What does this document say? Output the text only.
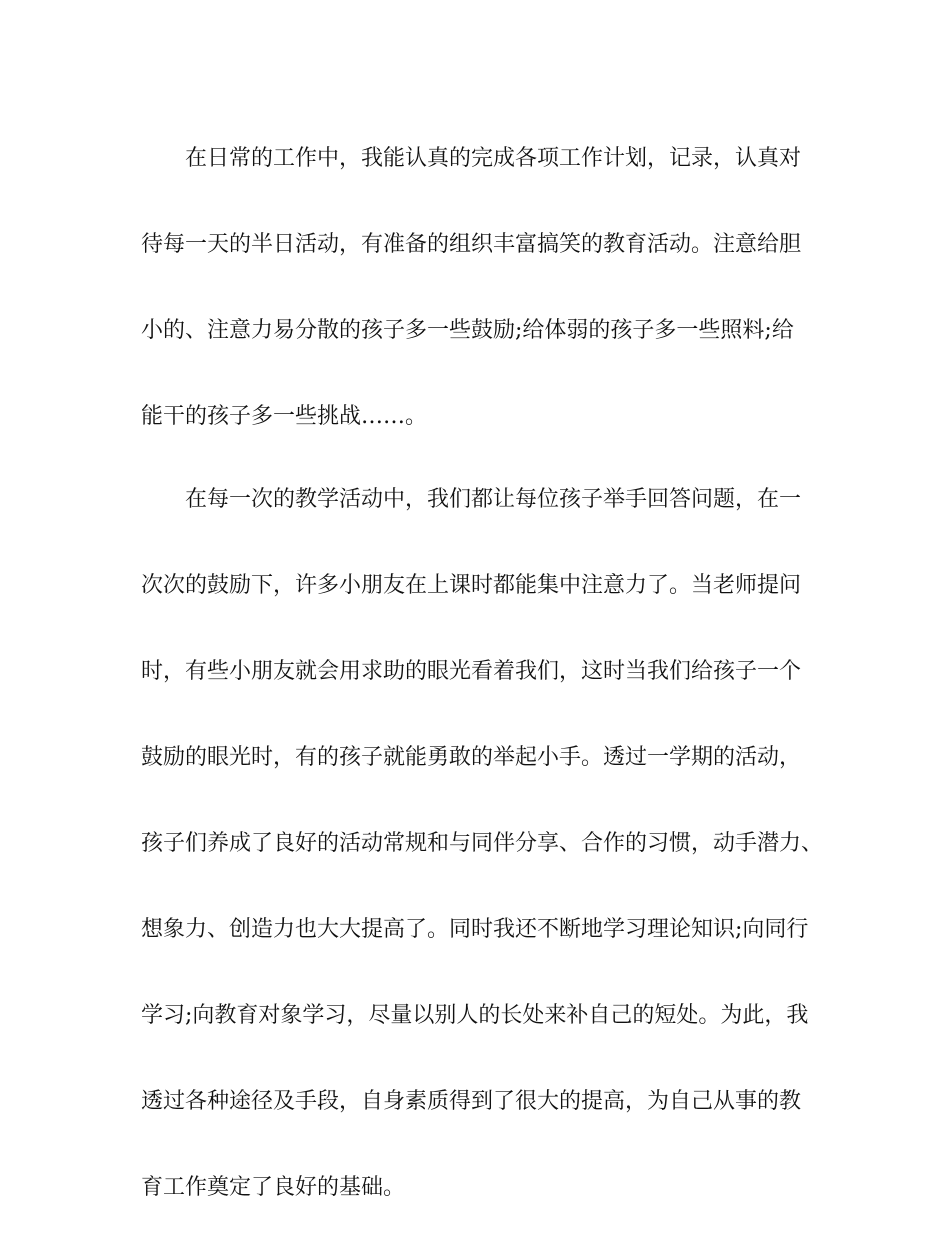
在日常的工作中，我能认真的完成各项工作计划，记录，认真对
待每一天的半日活动，有准备的组织丰富搞笑的教育活动。注意给胆
小的、注意力易分散的孩子多一些鼓励;给体弱的孩子多一些照料;给
能干的孩子多一些挑战……。
在每一次的教学活动中，我们都让每位孩子举手回答问题，在一
次次的鼓励下，许多小朋友在上课时都能集中注意力了。当老师提问
时，有些小朋友就会用求助的眼光看着我们，这时当我们给孩子一个
鼓励的眼光时，有的孩子就能勇敢的举起小手。透过一学期的活动，
孩子们养成了良好的活动常规和与同伴分享、合作的习惯，动手潜力、
想象力、创造力也大大提高了。同时我还不断地学习理论知识;向同行
学习;向教育对象学习，尽量以别人的长处来补自己的短处。为此，我
透过各种途径及手段，自身素质得到了很大的提高，为自己从事的教
育工作奠定了良好的基础。
